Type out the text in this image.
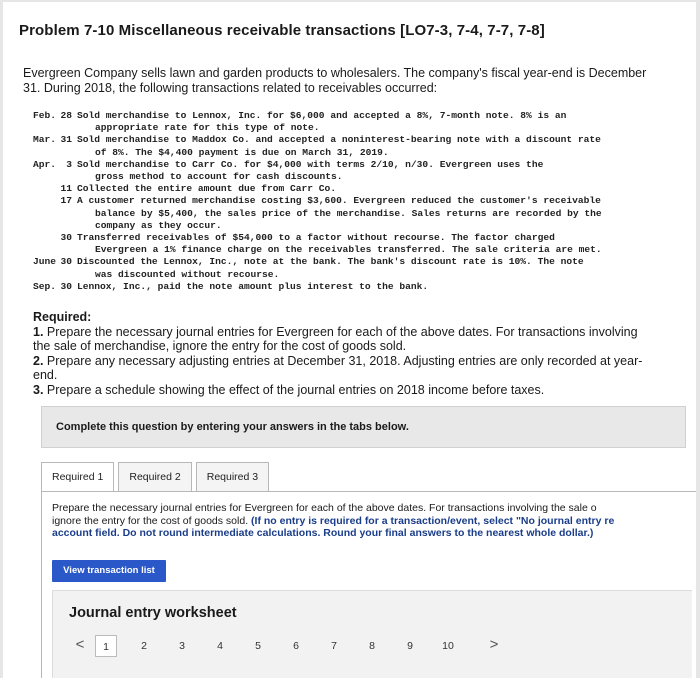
Problem 7-10 Miscellaneous receivable transactions [LO7-3, 7-4, 7-7, 7-8]
Evergreen Company sells lawn and garden products to wholesalers. The company's fiscal year-end is December 31. During 2018, the following transactions related to receivables occurred:
Feb. 28 Sold merchandise to Lennox, Inc. for $6,000 and accepted a 8%, 7-month note. 8% is an
appropriate rate for this type of note.
Mar. 31 Sold merchandise to Maddox Co. and accepted a noninterest-bearing note with a discount rate
of 8%. The $4,400 payment is due on March 31, 2019.
Apr. 3 Sold merchandise to Carr Co. for $4,000 with terms 2/10, n/30. Evergreen uses the
gross method to account for cash discounts.
11 Collected the entire amount due from Carr Co.
17 A customer returned merchandise costing $3,600. Evergreen reduced the customer's receivable
balance by $5,400, the sales price of the merchandise. Sales returns are recorded by the
company as they occur.
30 Transferred receivables of $54,000 to a factor without recourse. The factor charged
Evergreen a 1% finance charge on the receivables transferred. The sale criteria are met.
June 30 Discounted the Lennox, Inc., note at the bank. The bank's discount rate is 10%. The note
was discounted without recourse.
Sep. 30 Lennox, Inc., paid the note amount plus interest to the bank.
Required:
1. Prepare the necessary journal entries for Evergreen for each of the above dates. For transactions involving the sale of merchandise, ignore the entry for the cost of goods sold.
2. Prepare any necessary adjusting entries at December 31, 2018. Adjusting entries are only recorded at year-end.
3. Prepare a schedule showing the effect of the journal entries on 2018 income before taxes.
Complete this question by entering your answers in the tabs below.
Required 1	Required 2	Required 3
Prepare the necessary journal entries for Evergreen for each of the above dates. For transactions involving the sale o
ignore the entry for the cost of goods sold. (If no entry is required for a transaction/event, select "No journal entry re
account field. Do not round intermediate calculations. Round your final answers to the nearest whole dollar.)
View transaction list
Journal entry worksheet
<	1	2	3	4	5	6	7	8	9	10	>
